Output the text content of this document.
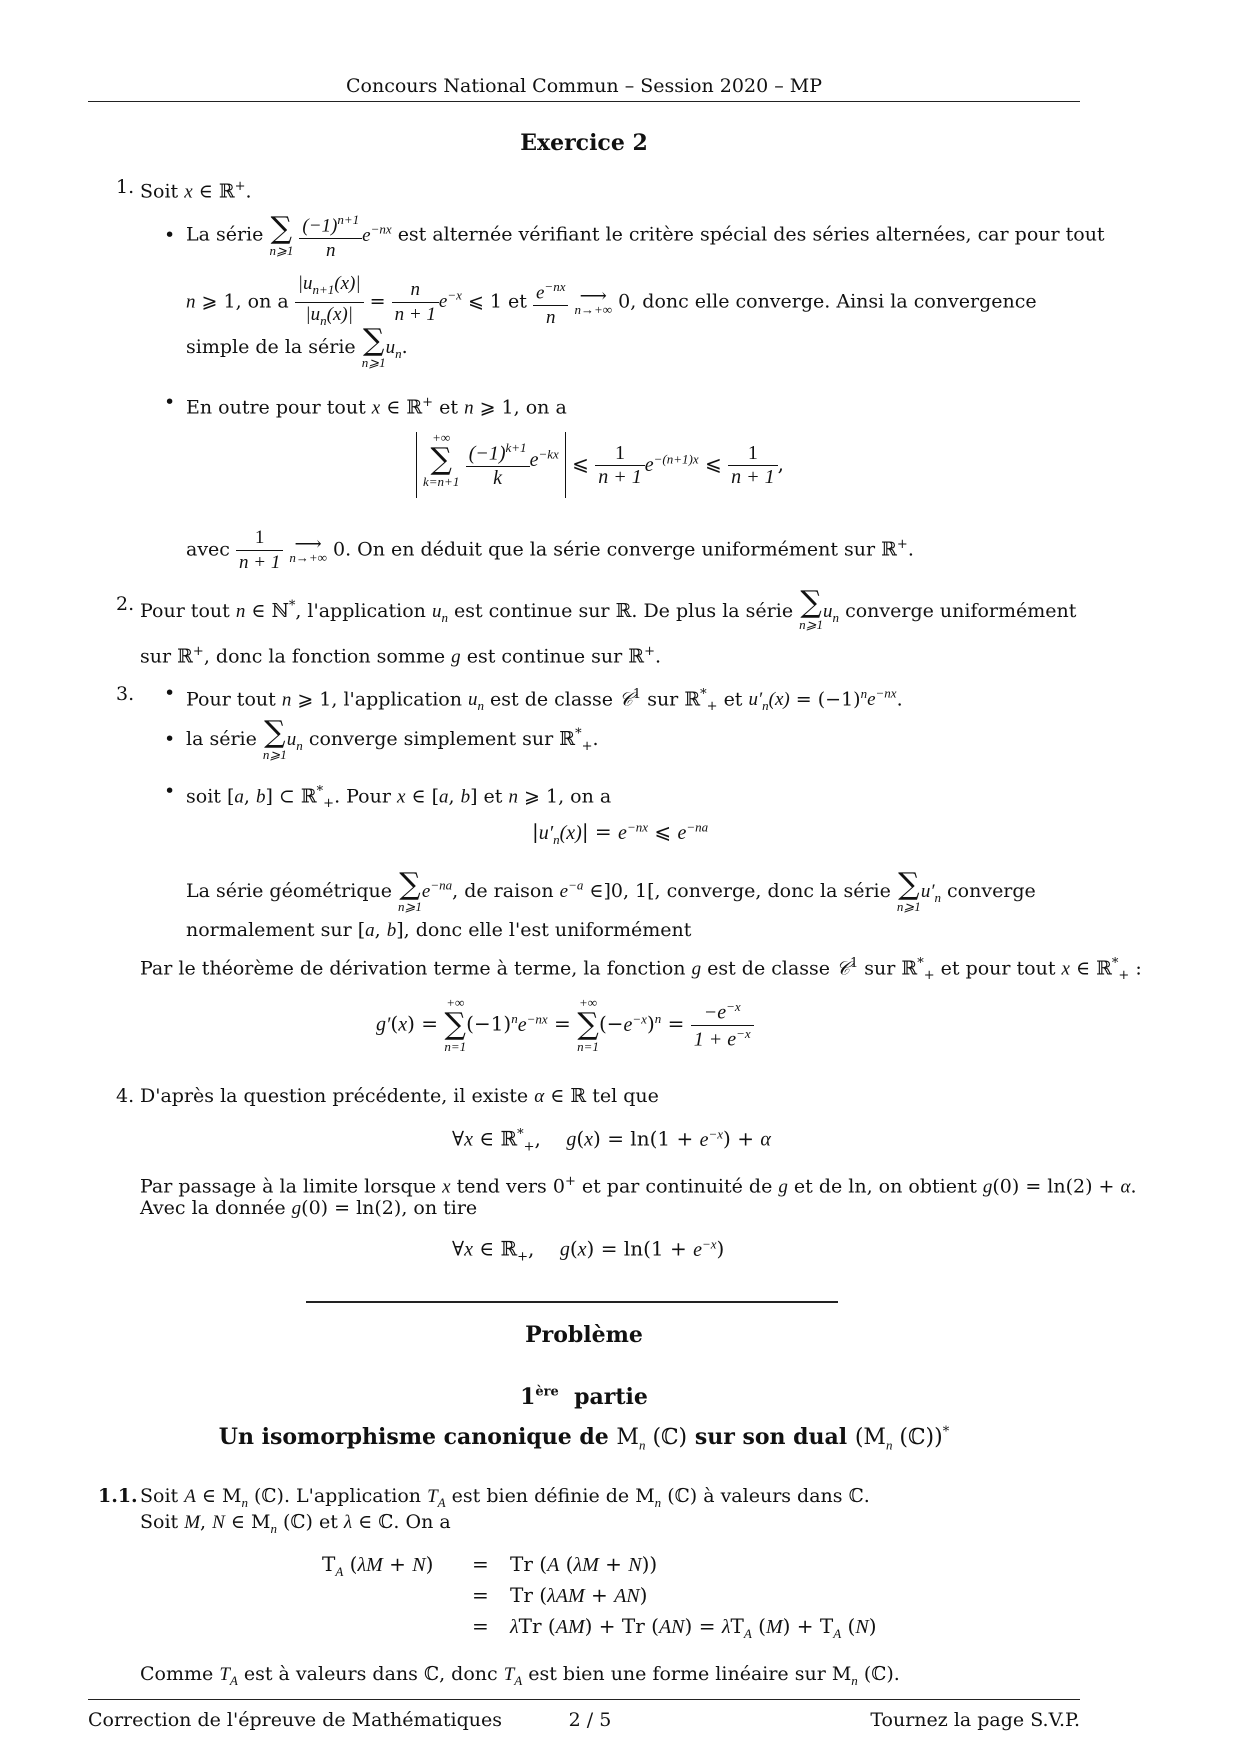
Concours National Commun – Session 2020 – MP
Exercice 2
1. Soit x ∈ ℝ+.
• La série ∑
n⩾1
$\frac{(-1)^{n+1}}{n} e^{-nx}$ est alternée vérifiant le critère spécial des séries alternées, car pour tout
n ⩾ 1, on a $\frac{|u_{n+1}(x)|}{|u_n(x)|} = \frac{n}{n + 1} e^{-x}$ ⩽ 1 et $\frac{e^{-nx}}{n}$
⟶
n→+∞ 0, donc elle converge. Ainsi la convergence
simple de la série ∑
n⩾1
$u_n$.
• En outre pour tout x ∈ ℝ+ et n ⩾ 1, on a
+∞
∑
k=n+1
$\frac{(-1)^{k+1}}{k} e^{-kx}$ ⩽ $\frac{1}{n + 1} e^{-(n+1)x}$ ⩽ $\frac{1}{n + 1}$ ,
avec $\frac{1}{n + 1}$
⟶
n→+∞ 0. On en déduit que la série converge uniformément sur ℝ+.
2. Pour tout n ∈ ℕ*, l'application $u_n$ est continue sur ℝ. De plus la série ∑
n⩾1
$u_n$ converge uniformément
sur ℝ+, donc la fonction somme g est continue sur ℝ+.
3. • Pour tout n ⩾ 1, l'application $u_n$ est de classe 𝒞$^1$ sur ℝ*$_+$ et $u'_n(x) = (-1)^ne^{-nx}$.
• la série ∑
n⩾1
$u_n$ converge simplement sur ℝ*$_+$.
• soit [a, b] ⊂ ℝ*$_+$. Pour x ∈ [a, b] et n ⩾ 1, on a
$|u'_n(x)| = e^{-nx}$ ⩽ $e^{-na}$
La série géométrique ∑
n⩾1
$e^{-na}$, de raison $e^{-a}$ ∈]0, 1[, converge, donc la série ∑
n⩾1
$u'_n$ converge
normalement sur [a, b], donc elle l'est uniformément
Par le théorème de dérivation terme à terme, la fonction g est de classe 𝒞$^1$ sur ℝ*$_+$ et pour tout x ∈ ℝ*$_+$ :
g′(x) =
+∞
∑
n=1
$(-1)^ne^{-nx}$ =
+∞
∑
n=1
$(-e^{-x})^n = \frac{-e^{-x}}{1 + e^{-x}}$
4. D'après la question précédente, il existe α ∈ ℝ tel que
∀x ∈ ℝ*$_+$,    $g(x) = \ln(1 + e^{-x}) + \alpha$
Par passage à la limite lorsque x tend vers 0+ et par continuité de g et de ln, on obtient g(0) = ln(2) + α.
Avec la donnée g(0) = ln(2), on tire
∀x ∈ ℝ$_+$,    $g(x) = \ln(1 + e^{-x})$
Problème
1ère partie
Un isomorphisme canonique de $M_n$ (ℂ) sur son dual ($M_n$ (ℂ))*
1.1. Soit A ∈ $M_n$ (ℂ). L'application $T_A$ est bien définie de $M_n$ (ℂ) à valeurs dans ℂ.
Soit M, N ∈ $M_n$ (ℂ) et λ ∈ ℂ. On a
$T_A$ (λM + N) = Tr (A (λM + N))
= Tr (λAM + AN)
= λTr (AM) + Tr $(AN) = \lambda T_A$ $(M) + T_A$ (N)
Comme $T_A$ est à valeurs dans ℂ, donc $T_A$ est bien une forme linéaire sur $M_n$ (ℂ).
Correction de l'épreuve de Mathématiques	2 / 5	Tournez la page S.V.P.
